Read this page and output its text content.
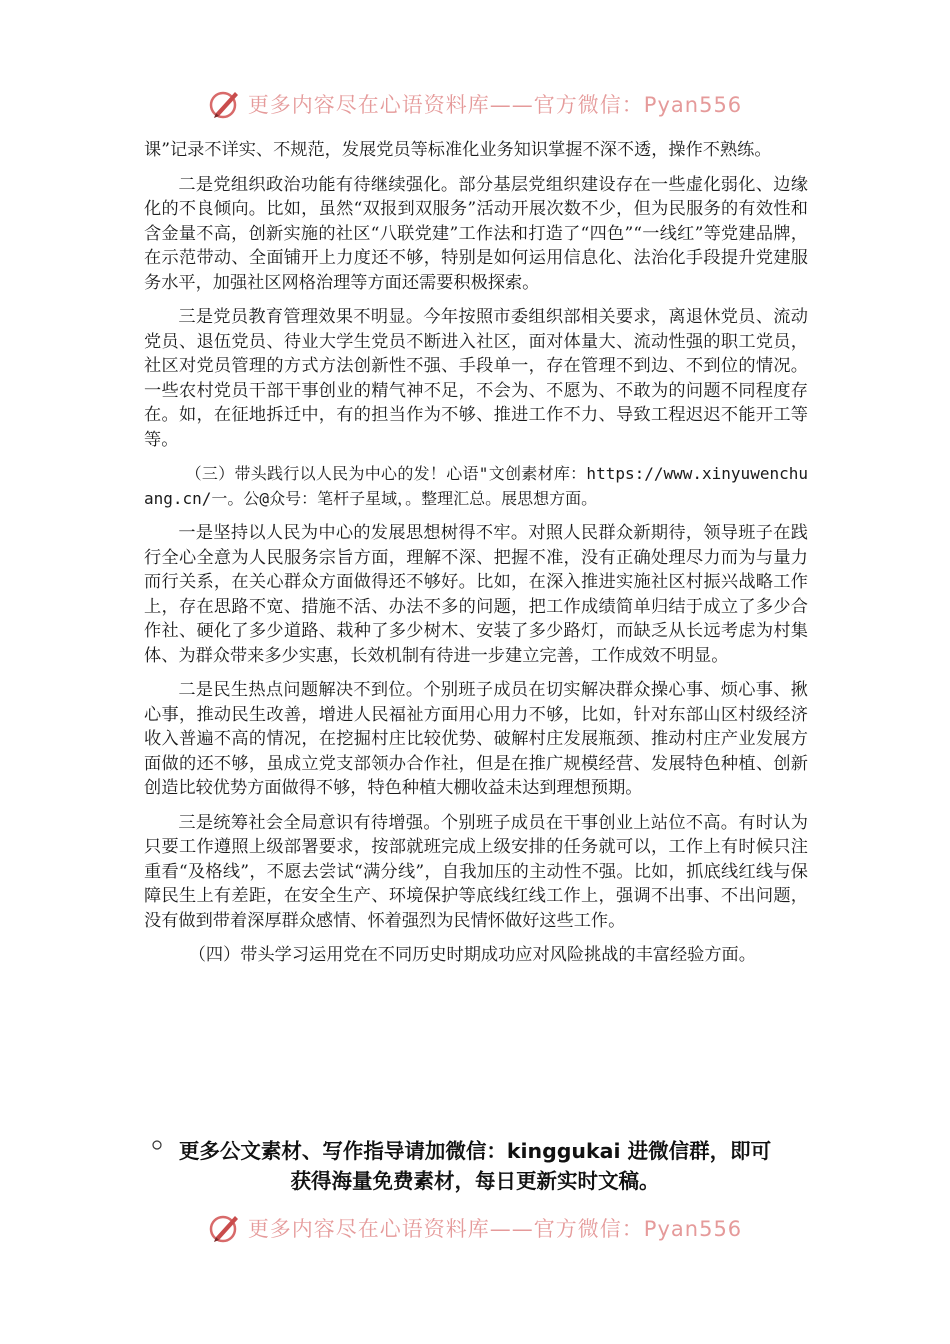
更多内容尽在心语资料库——官方微信：Pyan556

课”记录不详实、不规范，发展党员等标准化业务知识掌握不深不透，操作不熟练。

二是党组织政治功能有待继续强化。部分基层党组织建设存在一些虚化弱化、边缘化的不良倾向。比如，虽然“双报到双服务”活动开展次数不少，但为民服务的有效性和含金量不高，创新实施的社区“八联党建”工作法和打造了“四色”“一线红”等党建品牌，在示范带动、全面铺开上力度还不够，特别是如何运用信息化、法治化手段提升党建服务水平，加强社区网格治理等方面还需要积极探索。

三是党员教育管理效果不明显。今年按照市委组织部相关要求，离退休党员、流动党员、退伍党员、待业大学生党员不断进入社区，面对体量大、流动性强的职工党员，社区对党员管理的方式方法创新性不强、手段单一，存在管理不到边、不到位的情况。一些农村党员干部干事创业的精气神不足，不会为、不愿为、不敢为的问题不同程度存在。如，在征地拆迁中，有的担当作为不够、推进工作不力、导致工程迟迟不能开工等等。

（三）带头践行以人民为中心的发！心语"文创素材库：https://www.xinyuwenchuang.cn/一。公@众号：笔杆子星域，。整理汇总。展思想方面。

一是坚持以人民为中心的发展思想树得不牢。对照人民群众新期待，领导班子在践行全心全意为人民服务宗旨方面，理解不深、把握不准，没有正确处理尽力而为与量力而行关系，在关心群众方面做得还不够好。比如，在深入推进实施社区村振兴战略工作上，存在思路不宽、措施不活、办法不多的问题，把工作成绩简单归结于成立了多少合作社、硬化了多少道路、栽种了多少树木、安装了多少路灯，而缺乏从长远考虑为村集体、为群众带来多少实惠，长效机制有待进一步建立完善，工作成效不明显。

二是民生热点问题解决不到位。个别班子成员在切实解决群众操心事、烦心事、揪心事，推动民生改善，增进人民福祉方面用心用力不够，比如，针对东部山区村级经济收入普遍不高的情况，在挖掘村庄比较优势、破解村庄发展瓶颈、推动村庄产业发展方面做的还不够，虽成立党支部领办合作社，但是在推广规模经营、发展特色种植、创新创造比较优势方面做得不够，特色种植大棚收益未达到理想预期。

三是统筹社会全局意识有待增强。个别班子成员在干事创业上站位不高。有时认为只要工作遵照上级部署要求，按部就班完成上级安排的任务就可以，工作上有时候只注重看“及格线”，不愿去尝试“满分线”，自我加压的主动性不强。比如，抓底线红线与保障民生上有差距，在安全生产、环境保护等底线红线工作上，强调不出事、不出问题，没有做到带着深厚群众感情、怀着强烈为民情怀做好这些工作。

（四）带头学习运用党在不同历史时期成功应对风险挑战的丰富经验方面。

更多公文素材、写作指导请加微信：kinggukai 进微信群，即可
获得海量免费素材，每日更新实时文稿。
更多内容尽在心语资料库——官方微信：Pyan556
